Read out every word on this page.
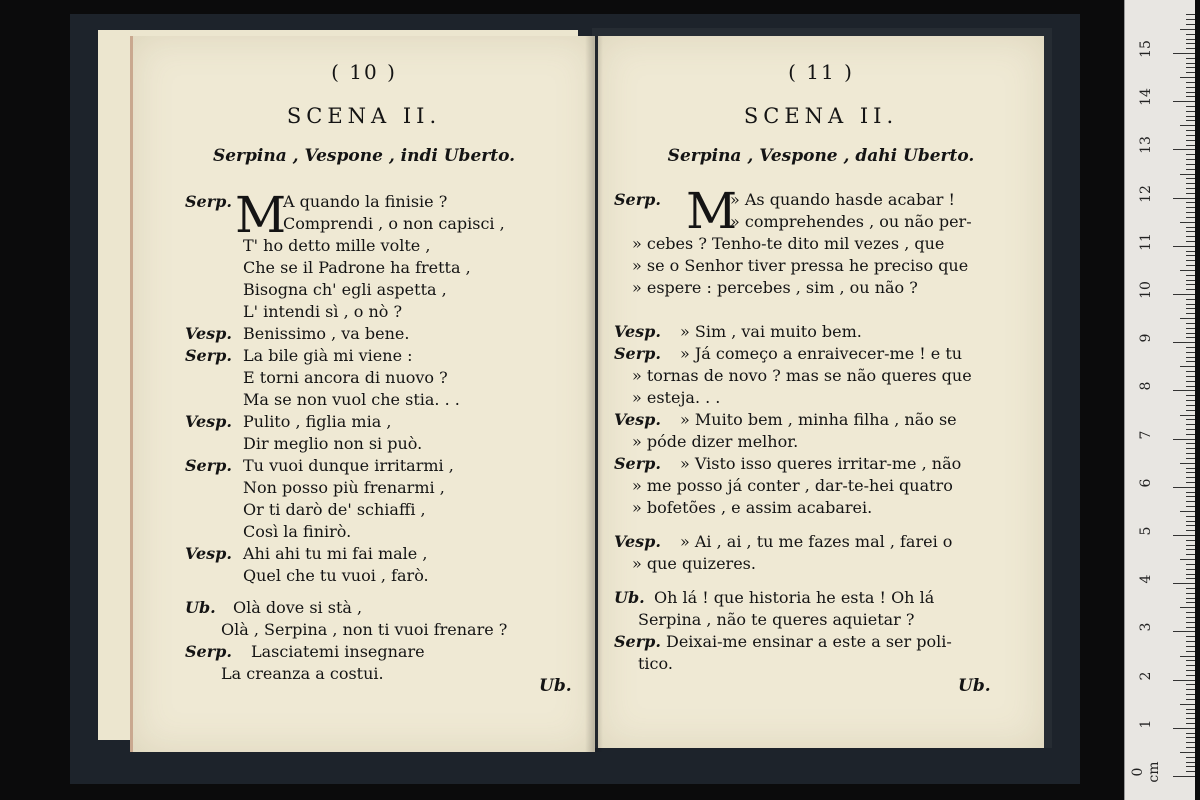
( 10 )
SCENA II.
Serpina , Vespone , indi Uberto.
M
Serp.	A quando la finisie ?
Comprendi , o non capisci ,
T' ho detto mille volte ,
Che se il Padrone ha fretta ,
Bisogna ch' egli aspetta ,
L' intendi sì , o nò ?
Vesp. Benissimo , va bene.
Serp. La bile già mi viene :
E torni ancora di nuovo ?
Ma se non vuol che stia. . .
Vesp. Pulito , figlia mia ,
Dir meglio non si può.
Serp. Tu vuoi dunque irritarmi ,
Non posso più frenarmi ,
Or ti darò de' schiaffi ,
Così la finirò.
Vesp. Ahi ahi tu mi fai male ,
Quel che tu vuoi , farò.
Ub. Olà dove si stà ,
Olà , Serpina , non ti vuoi frenare ?
Serp. Lasciatemi insegnare
La creanza a costui.
Ub.
( 11 )
SCENA II.
Serpina , Vespone , dahi Uberto.
M
Serp.	» As quando hasde acabar !
» comprehendes , ou não per-
» cebes ? Tenho-te dito mil vezes , que
» se o Senhor tiver pressa he preciso que
» espere : percebes , sim , ou não ?
Vesp. » Sim , vai muito bem.
Serp. » Já começo a enraivecer-me ! e tu
» tornas de novo ? mas se não queres que
» esteja. . .
Vesp. » Muito bem , minha filha , não se
» póde dizer melhor.
Serp. » Visto isso queres irritar-me , não
» me posso já conter , dar-te-hei quatro
» bofetões , e assim acabarei.
Vesp. » Ai , ai , tu me fazes mal , farei o
» que quizeres.
Ub. Oh lá ! que historia he esta ! Oh lá
Serpina , não te queres aquietar ?
Serp. Deixai-me ensinar a este a ser poli-
tico.
Ub.
0 cm
1
2
3
4
5
6
7
8
9
10
11
12
13
14
15
